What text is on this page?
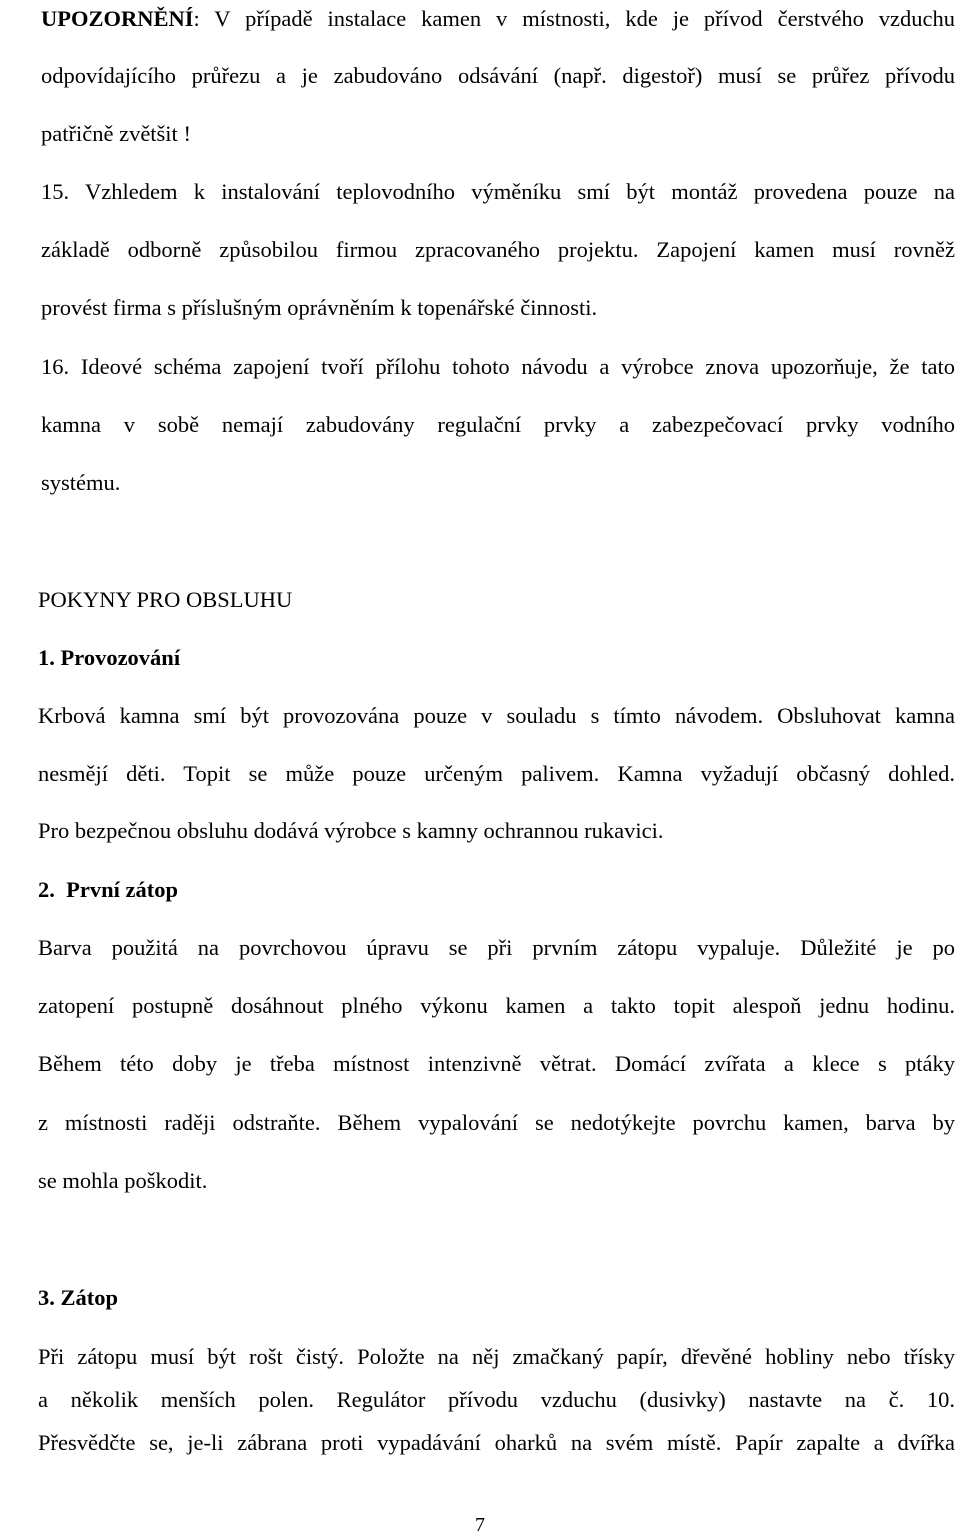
UPOZORNĚNÍ: V případě instalace kamen v místnosti, kde je přívod čerstvého vzduchu

odpovídajícího průřezu a je zabudováno odsávání (např. digestoř) musí se průřez přívodu

patřičně zvětšit !

15. Vzhledem k instalování teplovodního výměníku smí být montáž provedena pouze na

základě odborně způsobilou firmou zpracovaného projektu. Zapojení kamen musí rovněž

provést firma s příslušným oprávněním k topenářské činnosti.

16. Ideové schéma zapojení tvoří přílohu tohoto návodu a výrobce znova upozorňuje, že tato

kamna v sobě nemají zabudovány regulační prvky a zabezpečovací prvky vodního

systému.

POKYNY PRO OBSLUHU
1. Provozování

Krbová kamna smí být provozována pouze v souladu s tímto návodem. Obsluhovat kamna

nesmějí děti. Topit se může pouze určeným palivem. Kamna vyžadují občasný dohled.

Pro bezpečnou obsluhu dodává výrobce s kamny ochrannou rukavici.

2. První zátop

Barva použitá na povrchovou úpravu se při prvním zátopu vypaluje. Důležité je po

zatopení postupně dosáhnout plného výkonu kamen a takto topit alespoň jednu hodinu.

Během této doby je třeba místnost intenzivně větrat. Domácí zvířata a klece s ptáky

z místnosti raději odstraňte. Během vypalování se nedotýkejte povrchu kamen, barva by

se mohla poškodit.

3. Zátop

Při zátopu musí být rošt čistý. Položte na něj zmačkaný papír, dřevěné hobliny nebo třísky

a několik menších polen. Regulátor přívodu vzduchu (dusivky) nastavte na č. 10.

Přesvědčte se, je-li zábrana proti vypadávání oharků na svém místě. Papír zapalte a dvířka

7
